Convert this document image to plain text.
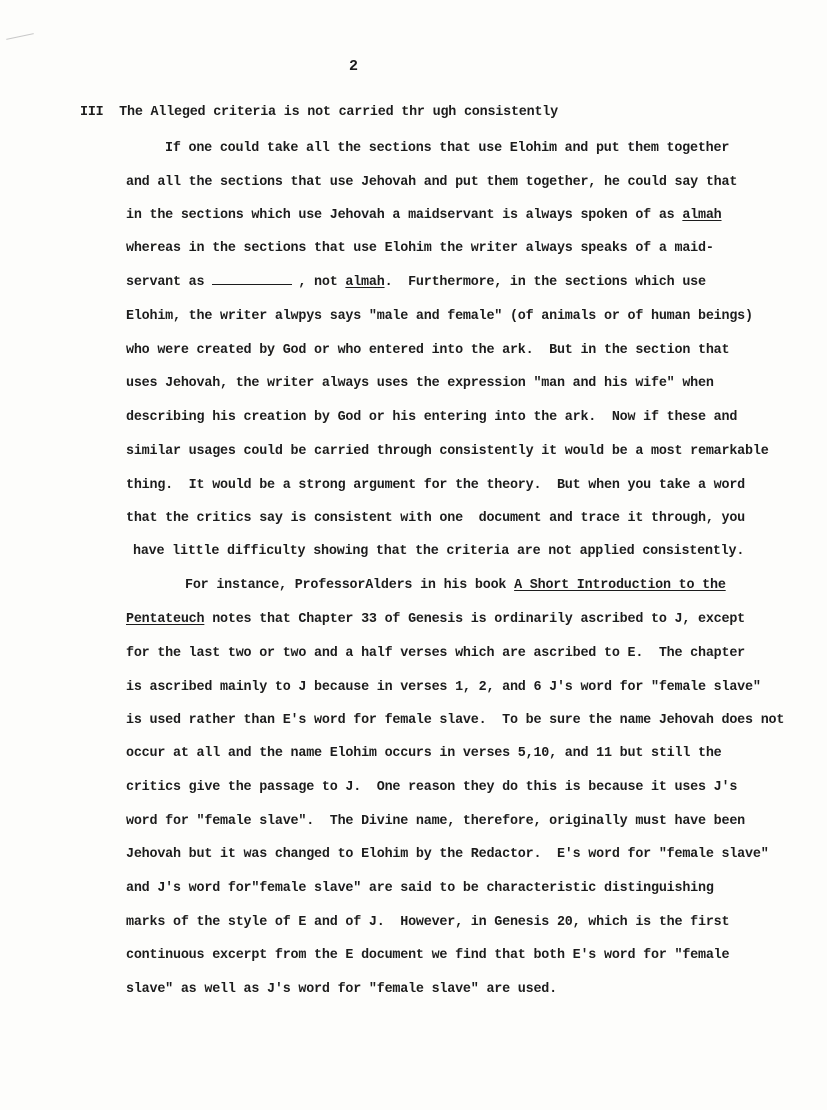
2
III  The Alleged criteria is not carried thr ugh consistently
If one could take all the sections that use Elohim and put them together
and all the sections that use Jehovah and put them together, he could say that
in the sections which use Jehovah a maidservant is always spoken of as almah
whereas in the sections that use Elohim the writer always speaks of a maid-
servant as	, not almah.  Furthermore, in the sections which use
Elohim, the writer alwpys says "male and female" (of animals or of human beings)
who were created by God or who entered into the ark.  But in the section that
uses Jehovah, the writer always uses the expression "man and his wife" when
describing his creation by God or his entering into the ark.  Now if these and
similar usages could be carried through consistently it would be a most remarkable
thing.  It would be a strong argument for the theory.  But when you take a word
that the critics say is consistent with one  document and trace it through, you
have little difficulty showing that the criteria are not applied consistently.
For instance, ProfessorAlders in his book A Short Introduction to the
Pentateuch notes that Chapter 33 of Genesis is ordinarily ascribed to J, except
for the last two or two and a half verses which are ascribed to E.  The chapter
is ascribed mainly to J because in verses 1, 2, and 6 J's word for "female slave"
is used rather than E's word for female slave.  To be sure the name Jehovah does not
occur at all and the name Elohim occurs in verses 5,10, and 11 but still the
critics give the passage to J.  One reason they do this is because it uses J's
word for "female slave".  The Divine name, therefore, originally must have been
Jehovah but it was changed to Elohim by the Redactor.  E's word for "female slave"
and J's word for"female slave" are said to be characteristic distinguishing
marks of the style of E and of J.  However, in Genesis 20, which is the first
continuous excerpt from the E document we find that both E's word for "female
slave" as well as J's word for "female slave" are used.
